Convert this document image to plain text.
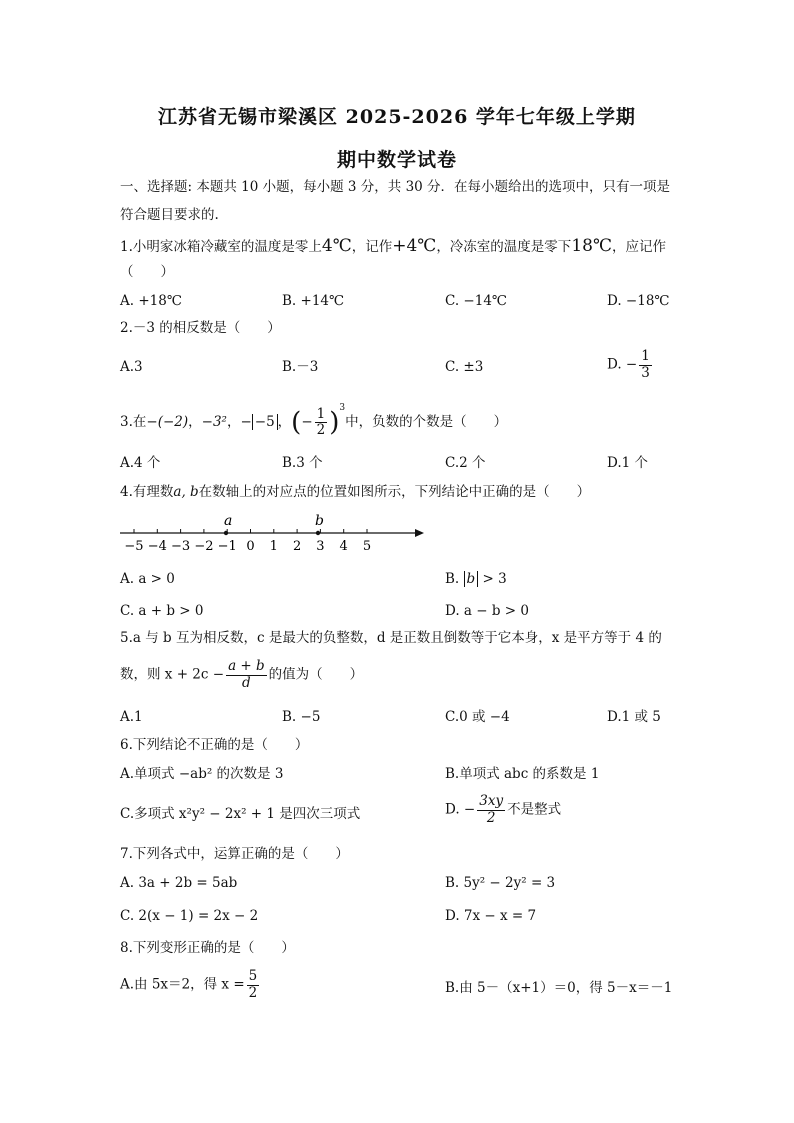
江苏省无锡市梁溪区 2025-2026 学年七年级上学期
期中数学试卷
一、选择题: 本题共 10 小题，每小题 3 分，共 30 分．在每小题给出的选项中，只有一项是
符合题目要求的.
1.小明家冰箱冷藏室的温度是零上4℃，记作+4℃，冷冻室的温度是零下18℃，应记作
（　　）
A. +18℃	B. +14℃	C. −14℃	D. −18℃
2.－3 的相反数是（　　）
A.3	B.－3	C. ±3	D. − $\frac{1}{3}$
3.在−(−2)，−3²，− −5 ，(− $\frac{1}{2} )^3$中，负数的个数是（　　）
A.4 个	B.3 个	C.2 个	D.1 个
4.有理数a, b在数轴上的对应点的位置如图所示，下列结论中正确的是（　　）
−5 −4 −3 −2 −1 0 1 2 3 4 5
a	b
A. a > 0	B. b > 3
C. a + b > 0	D. a − b > 0
5.a 与 b 互为相反数，c 是最大的负整数，d 是正数且倒数等于它本身，x 是平方等于 4 的
数，则 $x + 2c - \frac{a + b}{d}$ 的值为（　　）
A.1	B. −5	C.0 或 −4	D.1 或 5
6.下列结论不正确的是（　　）
A.单项式 −ab² 的次数是 3	B.单项式 abc 的系数是 1
C.多项式 x²y² − 2x² + 1 是四次三项式	D. − $\frac{3xy}{2}$ 不是整式
7.下列各式中，运算正确的是（　　）
A. 3a + 2b = 5ab	B. 5y² − 2y² = 3
C. 2(x − 1) = 2x − 2	D. 7x − x = 7
8.下列变形正确的是（　　）
A.由 5x＝2，得 $x = \frac{5}{2}$	B.由 5－（x+1）＝0，得 5－x＝－1
